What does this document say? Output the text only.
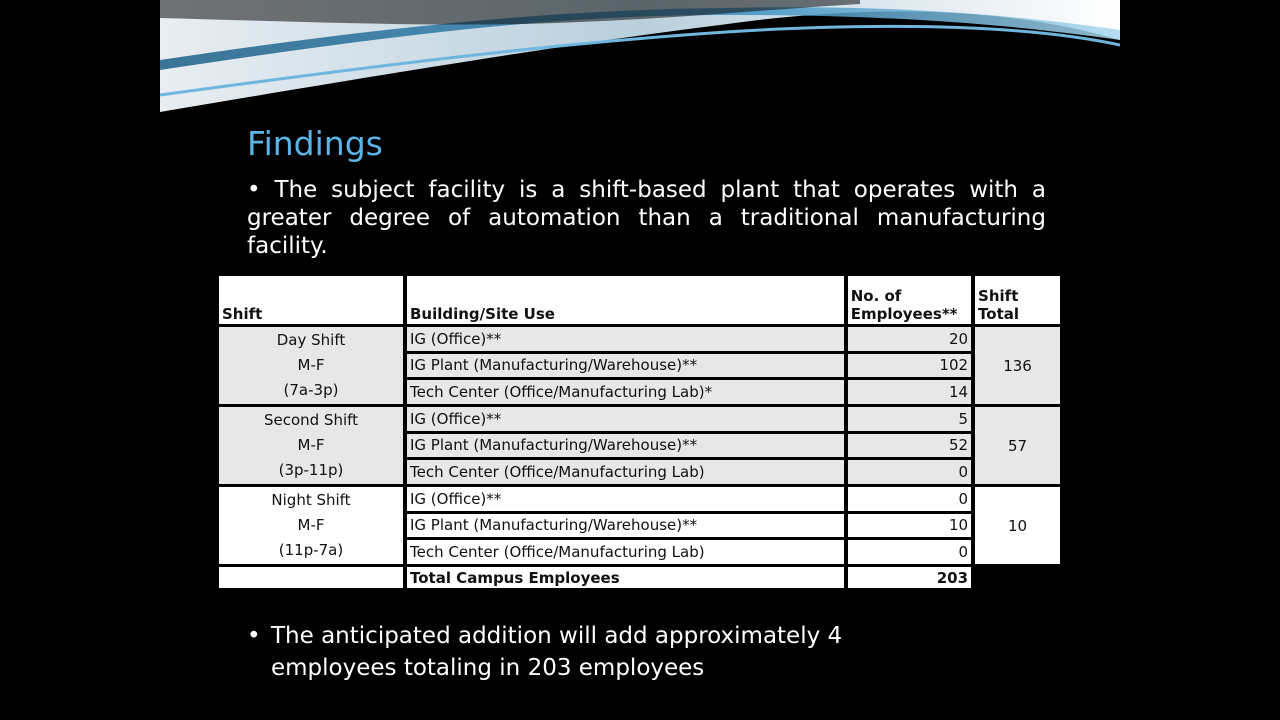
Findings
• The subject facility is a shift-based plant that operates with a greater degree of automation than a traditional manufacturing facility.
Shift	Building/Site Use	No. of Employees**	Shift Total

Day Shift
M-F
(7a-3p)	IG (Office)**	20	136
	IG Plant (Manufacturing/Warehouse)**	102	
	Tech Center (Office/Manufacturing Lab)*	14	

Second Shift
M-F
(3p-11p)	IG (Office)**	5	57
	IG Plant (Manufacturing/Warehouse)**	52	
	Tech Center (Office/Manufacturing Lab)	0	

Night Shift
M-F
(11p-7a)	IG (Office)**	0	10
	IG Plant (Manufacturing/Warehouse)**	10	
	Tech Center (Office/Manufacturing Lab)	0	
	Total Campus Employees	203	
• The anticipated addition will add approximately 4 employees totaling in 203 employees
